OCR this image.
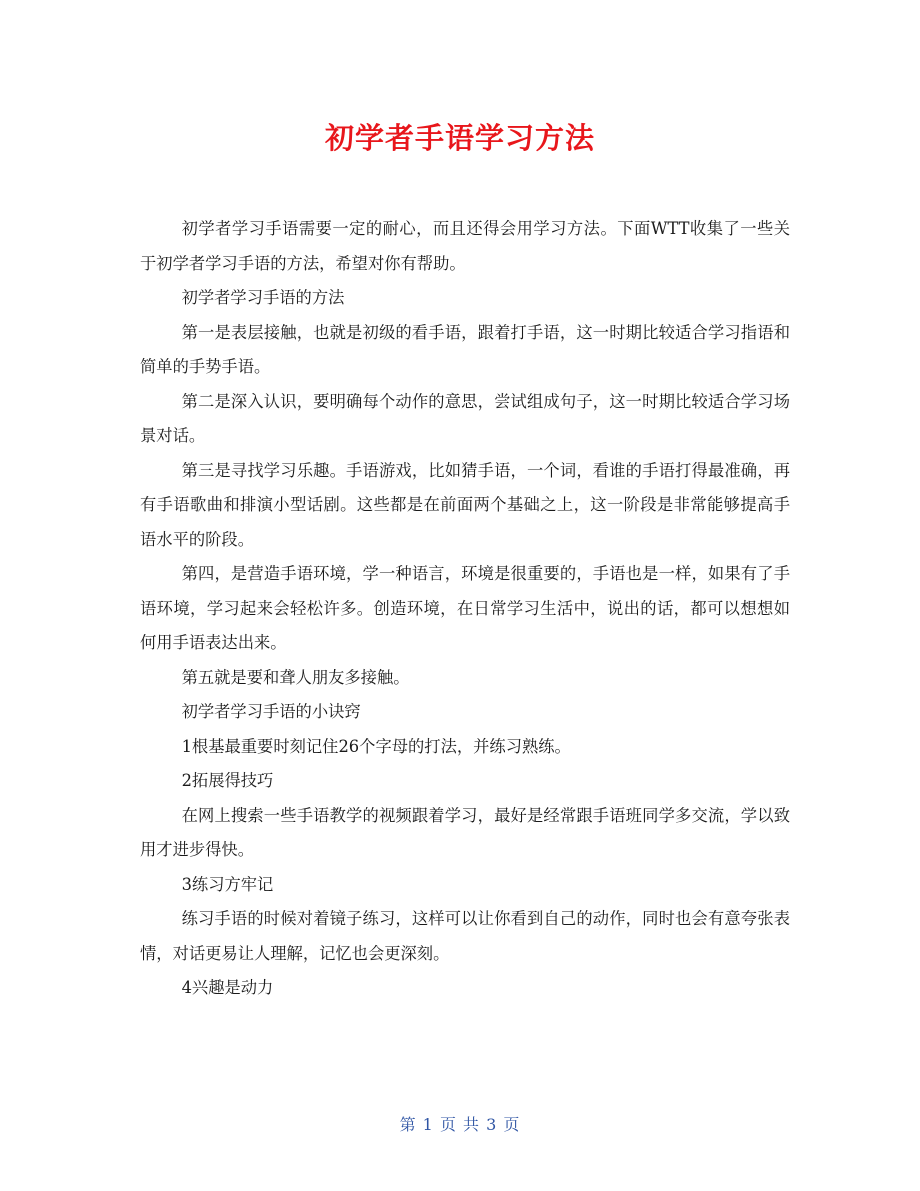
初学者手语学习方法

初学者学习手语需要一定的耐心，而且还得会用学习方法。下面WTT收集了一些关于初学者学习手语的方法，希望对你有帮助。

初学者学习手语的方法

第一是表层接触，也就是初级的看手语，跟着打手语，这一时期比较适合学习指语和简单的手势手语。

第二是深入认识，要明确每个动作的意思，尝试组成句子，这一时期比较适合学习场景对话。

第三是寻找学习乐趣。手语游戏，比如猜手语，一个词，看谁的手语打得最准确，再有手语歌曲和排演小型话剧。这些都是在前面两个基础之上，这一阶段是非常能够提高手语水平的阶段。

第四，是营造手语环境，学一种语言，环境是很重要的，手语也是一样，如果有了手语环境，学习起来会轻松许多。创造环境，在日常学习生活中，说出的话，都可以想想如何用手语表达出来。

第五就是要和聋人朋友多接触。

初学者学习手语的小诀窍

1根基最重要时刻记住26个字母的打法，并练习熟练。

2拓展得技巧

在网上搜索一些手语教学的视频跟着学习，最好是经常跟手语班同学多交流，学以致用才进步得快。

3练习方牢记

练习手语的时候对着镜子练习，这样可以让你看到自己的动作，同时也会有意夸张表情，对话更易让人理解，记忆也会更深刻。

4兴趣是动力

第 1 页 共 3 页
